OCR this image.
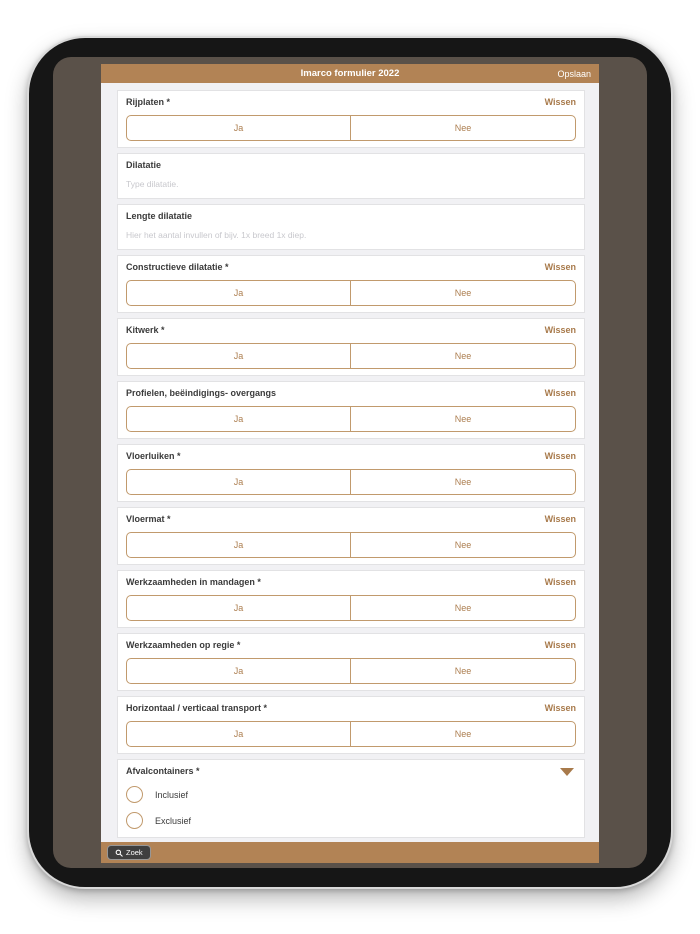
Imarco formulier 2022	Opslaan
Rijplaten *	Wissen
Ja	Nee
Dilatatie
Type dilatatie.
Lengte dilatatie
Hier het aantal invullen of bijv. 1x breed 1x diep.
Constructieve dilatatie *	Wissen
Ja	Nee
Kitwerk *	Wissen
Ja	Nee
Profielen, beëindigings- overgangs	Wissen
Ja	Nee
Vloerluiken *	Wissen
Ja	Nee
Vloermat *	Wissen
Ja	Nee
Werkzaamheden in mandagen *	Wissen
Ja	Nee
Werkzaamheden op regie *	Wissen
Ja	Nee
Horizontaal / verticaal transport *	Wissen
Ja	Nee
Afvalcontainers *
Inclusief
Exclusief
Zoek
